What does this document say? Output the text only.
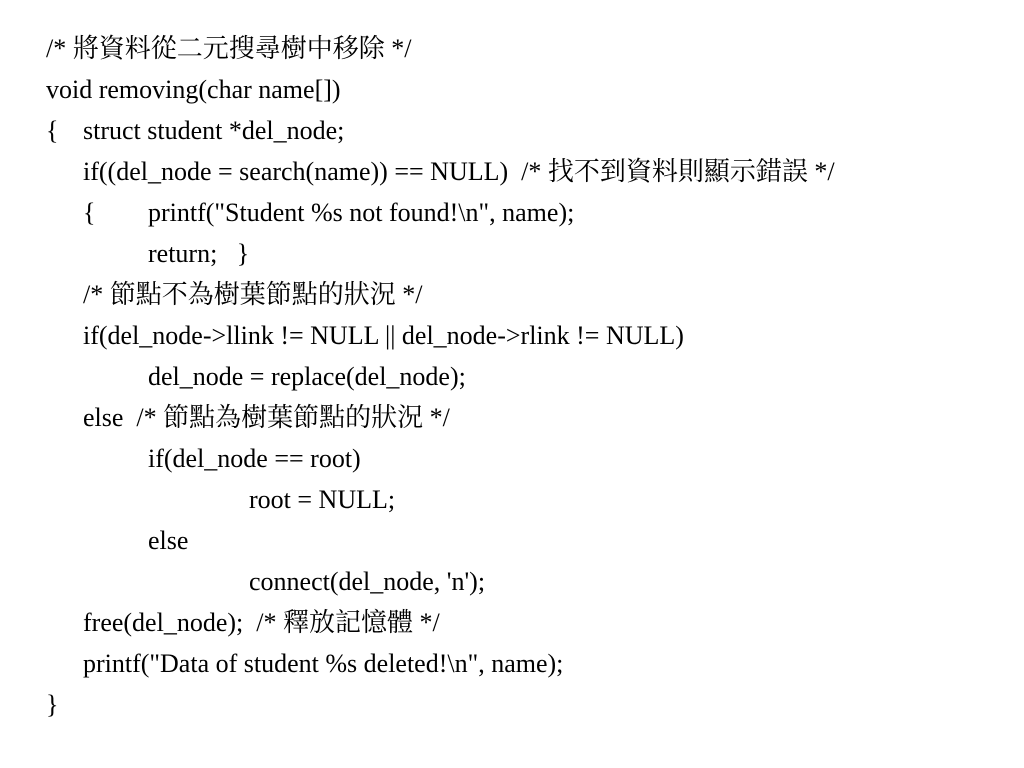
/* 將資料從二元搜尋樹中移除 */
void removing(char name[])
{ struct student *del_node;
if((del_node = search(name)) == NULL)  /* 找不到資料則顯示錯誤 */
{ printf("Student %s not found!\n", name);
return;   }
/* 節點不為樹葉節點的狀況 */
if(del_node->llink != NULL || del_node->rlink != NULL)
del_node = replace(del_node);
else  /* 節點為樹葉節點的狀況 */
if(del_node == root)
root = NULL;
else
connect(del_node, 'n');
free(del_node);  /* 釋放記憶體 */
printf("Data of student %s deleted!\n", name);
}
